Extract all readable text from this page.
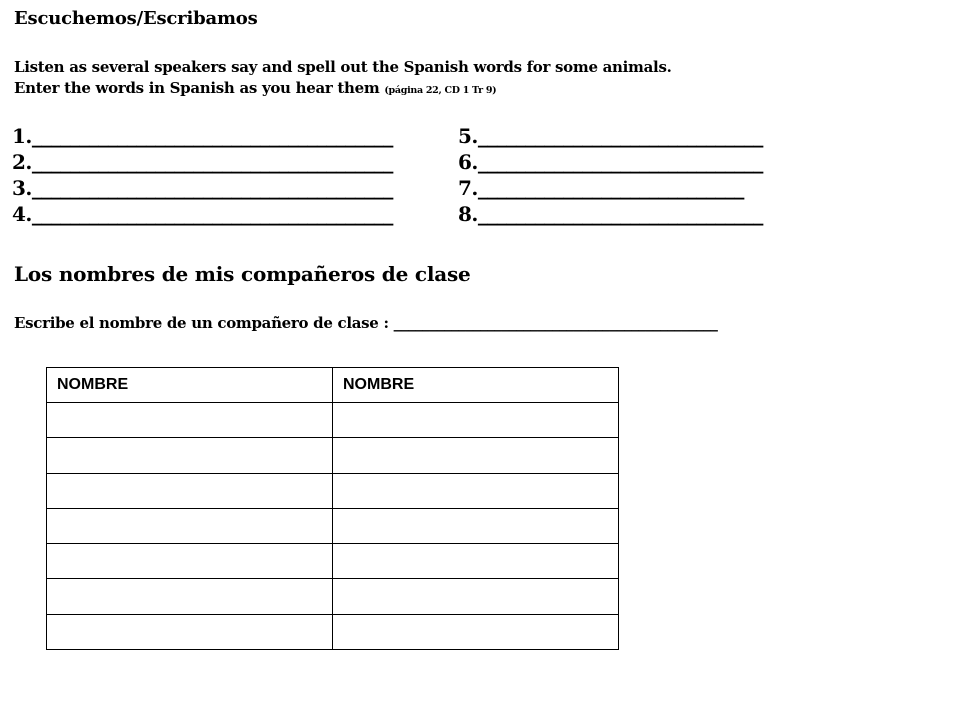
Escuchemos/Escribamos
Listen as several speakers say and spell out the Spanish words for some animals.
Enter the words in Spanish as you hear them (página 22, CD 1 Tr 9)
1.______________________________________
2.______________________________________
3.______________________________________
4.______________________________________
5.______________________________
6.______________________________
7.____________________________
8.______________________________
Los nombres de mis compañeros de clase
Escribe el nombre de un compañero de clase : _____________________________________________
NOMBRE	NOMBRE
